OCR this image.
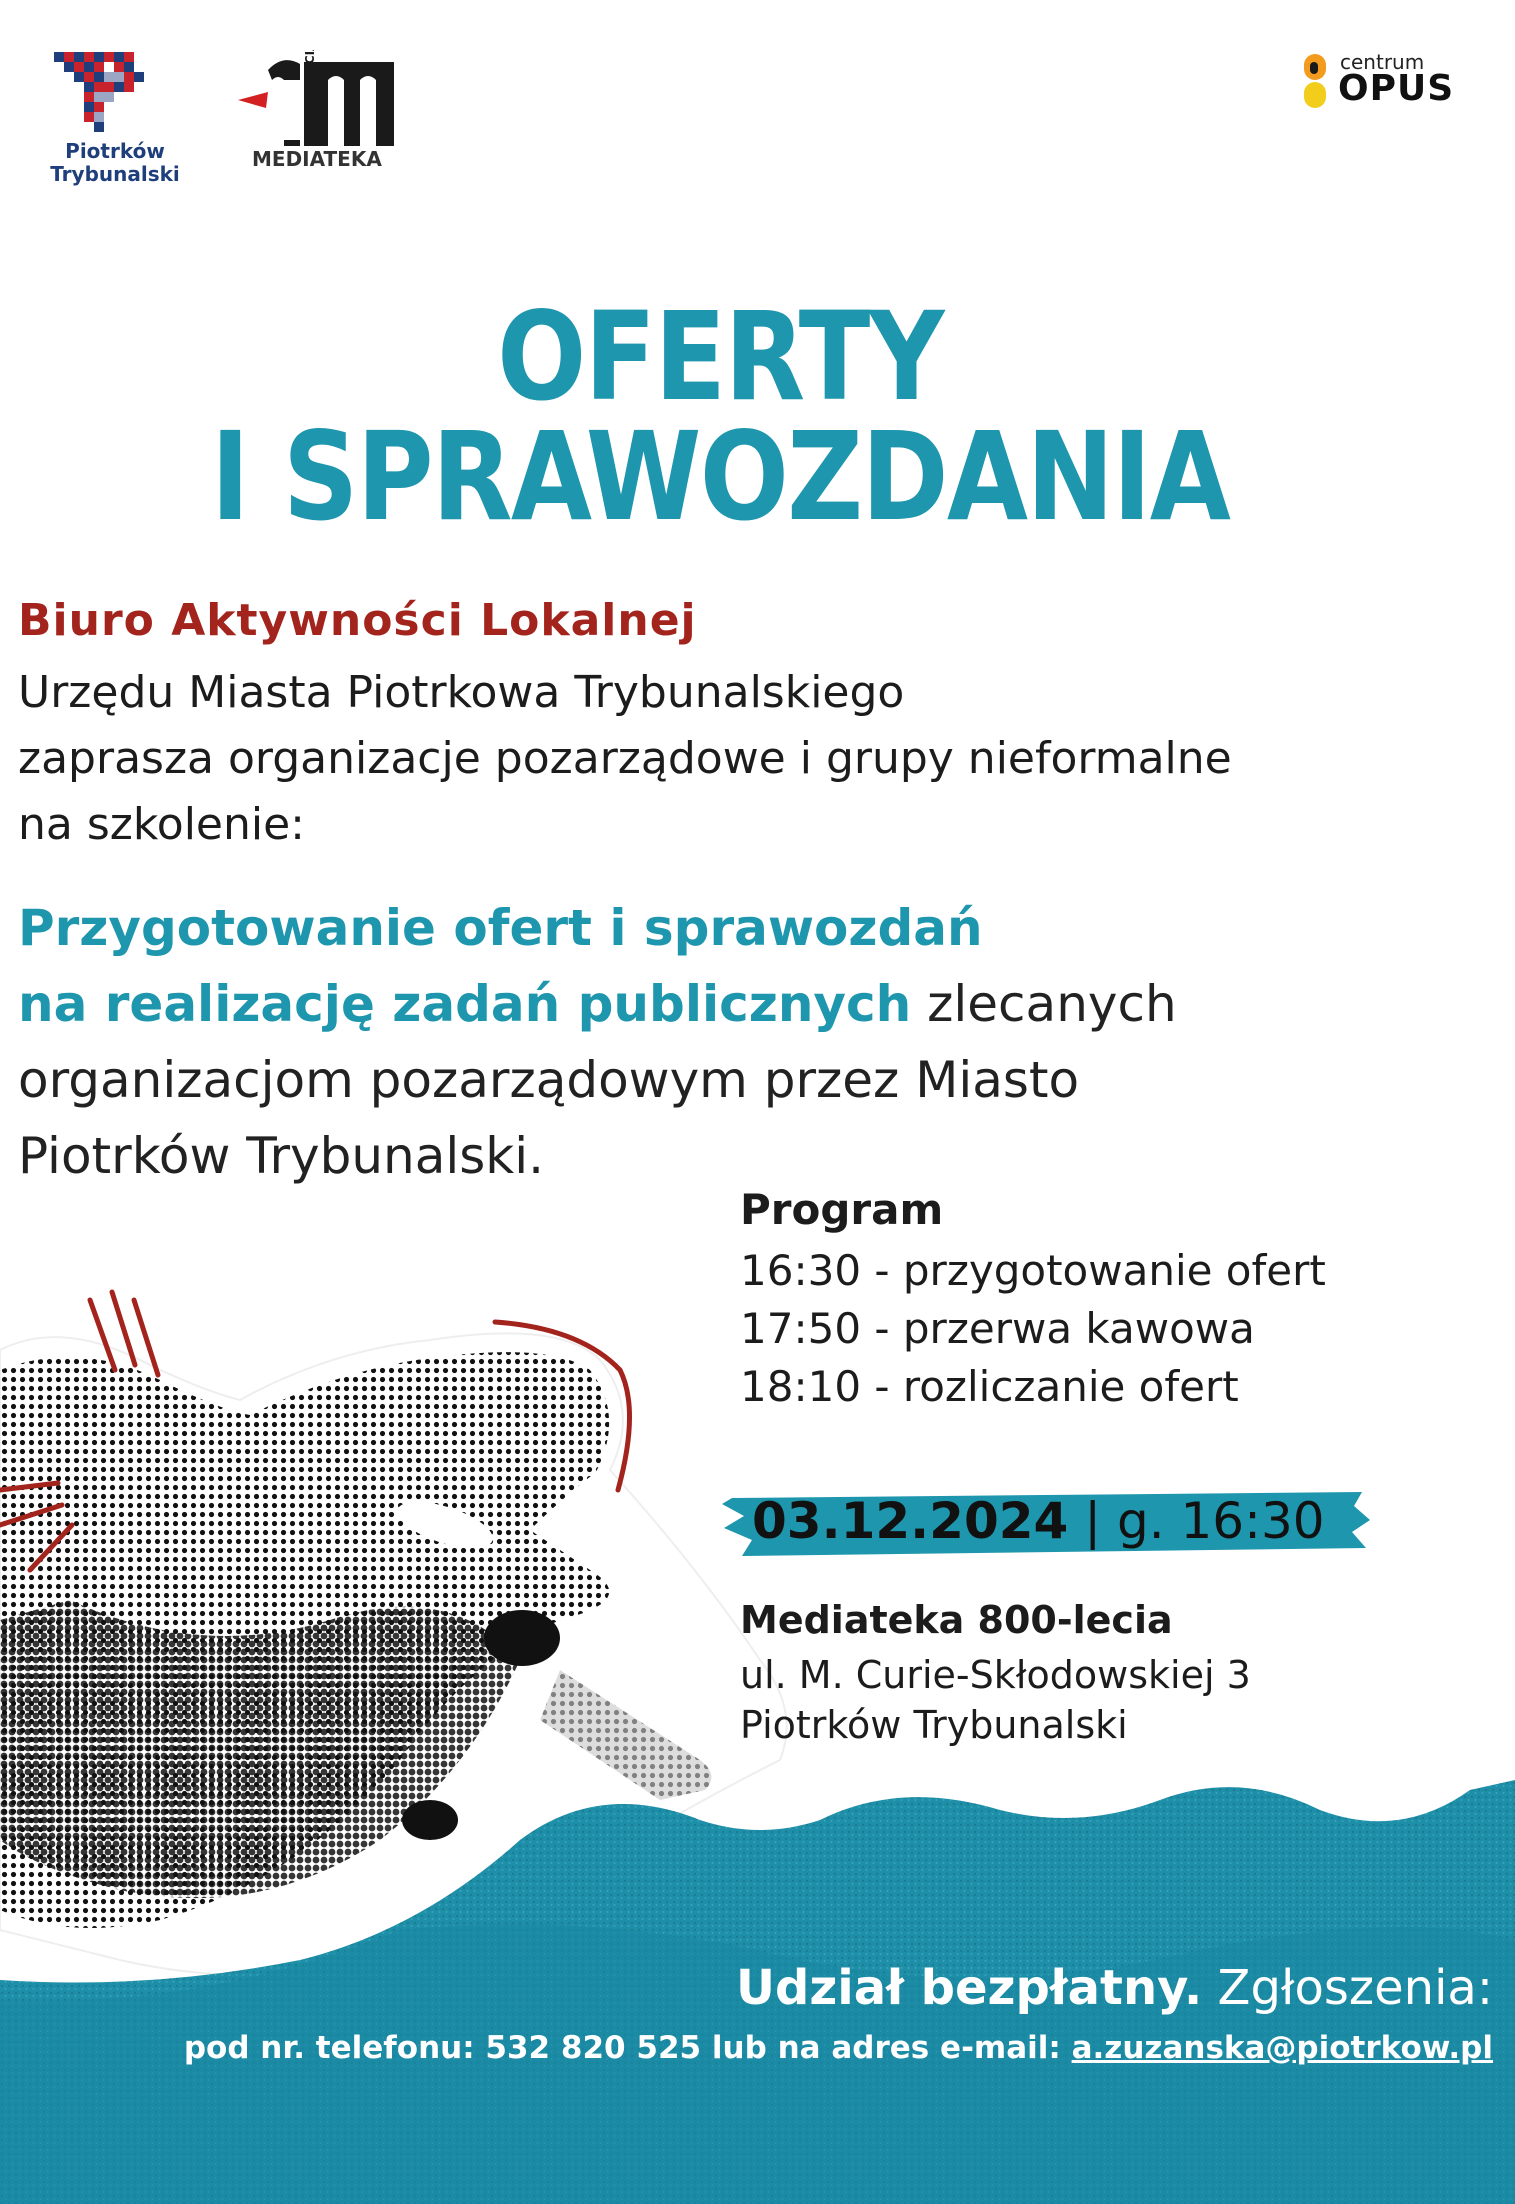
Piotrków
Trybunalski
800-LECIA
MEDIATEKA
centrum
OPUS
OFERTY
I SPRAWOZDANIA
Biuro Aktywności Lokalnej
Urzędu Miasta Piotrkowa Trybunalskiego
zaprasza organizacje pozarządowe i grupy nieformalne
na szkolenie:
Przygotowanie ofert i sprawozdań
na realizację zadań publicznych zlecanych
organizacjom pozarządowym przez Miasto
Piotrków Trybunalski.
Program
16:30 - przygotowanie ofert
17:50 - przerwa kawowa
18:10 - rozliczanie ofert
03.12.2024 | g. 16:30
Mediateka 800-lecia
ul. M. Curie-Skłodowskiej 3
Piotrków Trybunalski
Udział bezpłatny. Zgłoszenia:
pod nr. telefonu: 532 820 525 lub na adres e-mail: a.zuzanska@piotrkow.pl
